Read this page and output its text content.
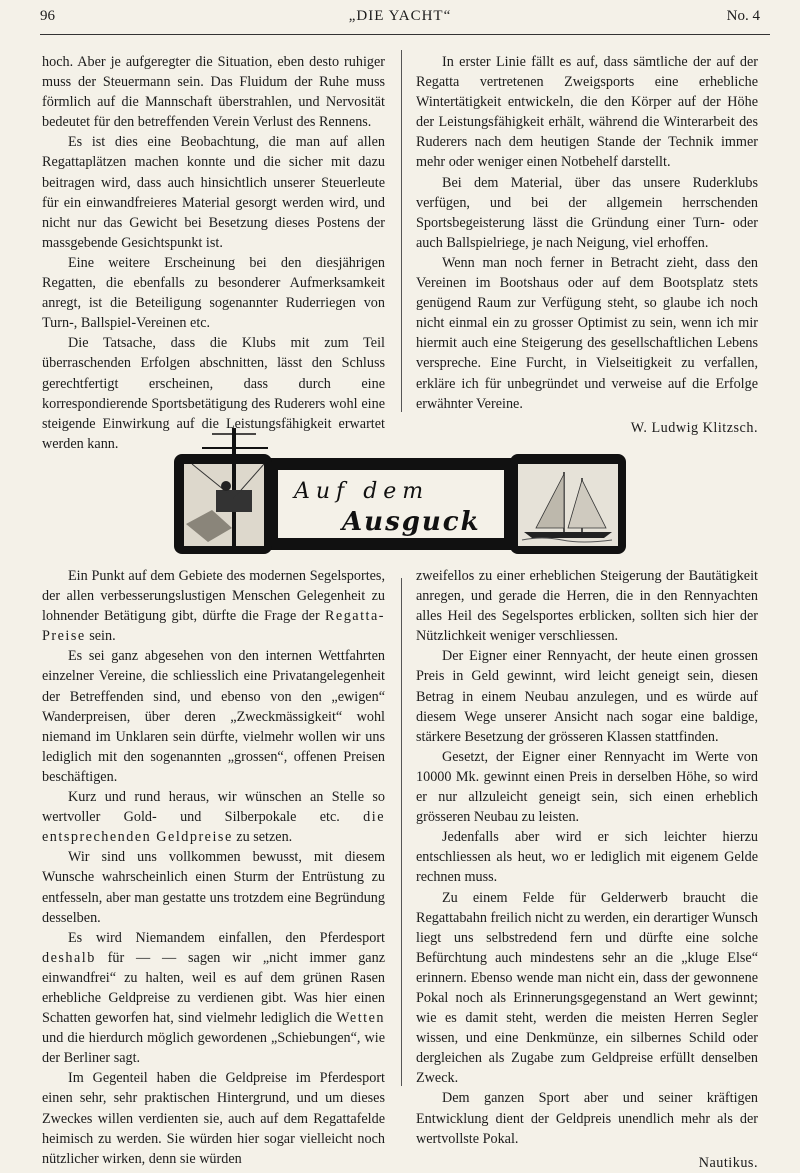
96	„DIE YACHT“	No. 4

hoch. Aber je aufgeregter die Situation, eben desto ruhiger muss der Steuermann sein. Das Fluidum der Ruhe muss förmlich auf die Mannschaft überstrahlen, und Nervosität bedeutet für den betreffenden Verein Verlust des Rennens.

Es ist dies eine Beobachtung, die man auf allen Regattaplätzen machen konnte und die sicher mit dazu beitragen wird, dass auch hinsichtlich unserer Steuerleute für ein einwandfreieres Material gesorgt werden wird, und nicht nur das Gewicht bei Besetzung dieses Postens der massgebende Gesichtspunkt ist.

Eine weitere Erscheinung bei den diesjährigen Regatten, die ebenfalls zu besonderer Aufmerksamkeit anregt, ist die Beteiligung sogenannter Ruderriegen von Turn-, Ballspiel-Vereinen etc.

Die Tatsache, dass die Klubs mit zum Teil überraschenden Erfolgen abschnitten, lässt den Schluss gerechtfertigt erscheinen, dass durch eine korrespondierende Sportsbetätigung des Ruderers wohl eine steigende Einwirkung auf die Leistungsfähigkeit erwartet werden kann.

In erster Linie fällt es auf, dass sämtliche der auf der Regatta vertretenen Zweigsports eine erhebliche Wintertätigkeit entwickeln, die den Körper auf der Höhe der Leistungsfähigkeit erhält, während die Winterarbeit des Ruderers nach dem heutigen Stande der Technik immer mehr oder weniger einen Notbehelf darstellt.

Bei dem Material, über das unsere Ruderklubs verfügen, und bei der allgemein herrschenden Sportsbegeisterung lässt die Gründung einer Turn- oder auch Ballspielriege, je nach Neigung, viel erhoffen.

Wenn man noch ferner in Betracht zieht, dass den Vereinen im Bootshaus oder auf dem Bootsplatz stets genügend Raum zur Verfügung steht, so glaube ich noch nicht einmal ein zu grosser Optimist zu sein, wenn ich mir hiermit auch eine Steigerung des gesellschaftlichen Lebens verspreche. Eine Furcht, in Vielseitigkeit zu verfallen, erkläre ich für unbegründet und verweise auf die Erfolge erwähnter Vereine.

W. Ludwig Klitzsch.

Auf dem
Ausguck

Ein Punkt auf dem Gebiete des modernen Segelsportes, der allen verbesserungslustigen Menschen Gelegenheit zu lohnender Betätigung gibt, dürfte die Frage der Regatta-Preise sein.

Es sei ganz abgesehen von den internen Wettfahrten einzelner Vereine, die schliesslich eine Privatangelegenheit der Betreffenden sind, und ebenso von den „ewigen“ Wanderpreisen, über deren „Zweckmässigkeit“ wohl niemand im Unklaren sein dürfte, vielmehr wollen wir uns lediglich mit den sogenannten „grossen“, offenen Preisen beschäftigen.

Kurz und rund heraus, wir wünschen an Stelle so wertvoller Gold- und Silberpokale etc. die entsprechenden Geldpreise zu setzen.

Wir sind uns vollkommen bewusst, mit diesem Wunsche wahrscheinlich einen Sturm der Entrüstung zu entfesseln, aber man gestatte uns trotzdem eine Begründung desselben.

Es wird Niemandem einfallen, den Pferdesport deshalb für — — sagen wir „nicht immer ganz einwandfrei“ zu halten, weil es auf dem grünen Rasen erhebliche Geldpreise zu verdienen gibt. Was hier einen Schatten geworfen hat, sind vielmehr lediglich die Wetten und die hierdurch möglich gewordenen „Schiebungen“, wie der Berliner sagt.

Im Gegenteil haben die Geldpreise im Pferdesport einen sehr, sehr praktischen Hintergrund, und um dieses Zweckes willen verdienten sie, auch auf dem Regattafelde heimisch zu werden. Sie würden hier sogar vielleicht noch nützlicher wirken, denn sie würden

zweifellos zu einer erheblichen Steigerung der Bautätigkeit anregen, und gerade die Herren, die in den Rennyachten alles Heil des Segelsportes erblicken, sollten sich hier der Nützlichkeit weniger verschliessen.

Der Eigner einer Rennyacht, der heute einen grossen Preis in Geld gewinnt, wird leicht geneigt sein, diesen Betrag in einem Neubau anzulegen, und es würde auf diesem Wege unserer Ansicht nach sogar eine baldige, stärkere Besetzung der grösseren Klassen stattfinden.

Gesetzt, der Eigner einer Rennyacht im Werte von 10000 Mk. gewinnt einen Preis in derselben Höhe, so wird er nur allzuleicht geneigt sein, sich einen erheblich grösseren Neubau zu leisten.

Jedenfalls aber wird er sich leichter hierzu entschliessen als heut, wo er lediglich mit eigenem Gelde rechnen muss.

Zu einem Felde für Gelderwerb braucht die Regattabahn freilich nicht zu werden, ein derartiger Wunsch liegt uns selbstredend fern und dürfte eine solche Befürchtung auch mindestens sehr an die „kluge Else“ erinnern. Ebenso wende man nicht ein, dass der gewonnene Pokal noch als Erinnerungsgegenstand an Wert gewinnt; wie es damit steht, werden die meisten Herren Segler wissen, und eine Denkmünze, ein silbernes Schild oder dergleichen als Zugabe zum Geldpreise erfüllt denselben Zweck.

Dem ganzen Sport aber und seiner kräftigen Entwicklung dient der Geldpreis unendlich mehr als der wertvollste Pokal.

Nautikus.
